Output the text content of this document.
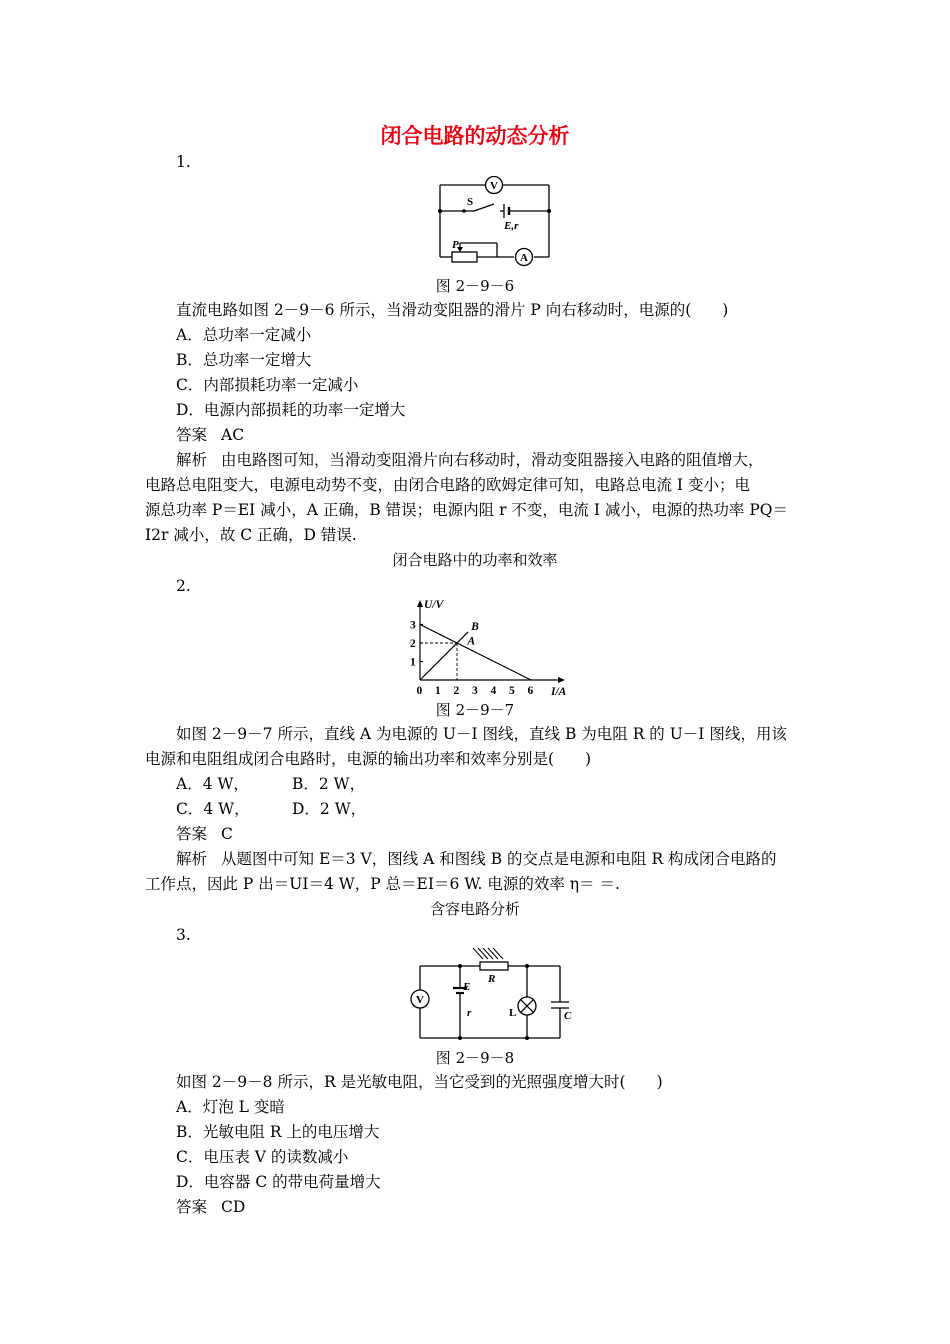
闭合电路的动态分析
1.
V
A
S
E,r
P
图 2－9－6
直流电路如图 2－9－6 所示，当滑动变阻器的滑片 P 向右移动时，电源的(　　)
A．总功率一定减小
B．总功率一定增大
C．内部损耗功率一定减小
D．电源内部损耗的功率一定增大
答案 AC
解析 由电路图可知，当滑动变阻滑片向右移动时，滑动变阻器接入电路的阻值增大，
电路总电阻变大，电源电动势不变，由闭合电路的欧姆定律可知，电路总电流 I 变小；电
源总功率 P＝EI 减小，A 正确，B 错误；电源内阻 r 不变，电流 I 减小，电源的热功率 PQ＝
I2r 减小，故 C 正确，D 错误.
闭合电路中的功率和效率
2.
0 1 2 3 4 5 6
1
2
3
A
B
U/V
I/A
图 2－9－7
如图 2－9－7 所示，直线 A 为电源的 U－I 图线，直线 B 为电阻 R 的 U－I 图线，用该
电源和电阻组成闭合电路时，电源的输出功率和效率分别是(　　)
A．4 W，	B．2 W，
C．4 W，	D．2 W，
答案 C
解析 从题图中可知 E＝3 V，图线 A 和图线 B 的交点是电源和电阻 R 构成闭合电路的
工作点，因此 P 出＝UI＝4 W，P 总＝EI＝6 W. 电源的效率 η＝ ＝.
含容电路分析
3.
V
R
E
r	L	C
图 2－9－8
如图 2－9－8 所示，R 是光敏电阻，当它受到的光照强度增大时(　　)
A．灯泡 L 变暗
B．光敏电阻 R 上的电压增大
C．电压表 V 的读数减小
D．电容器 C 的带电荷量增大
答案 CD
